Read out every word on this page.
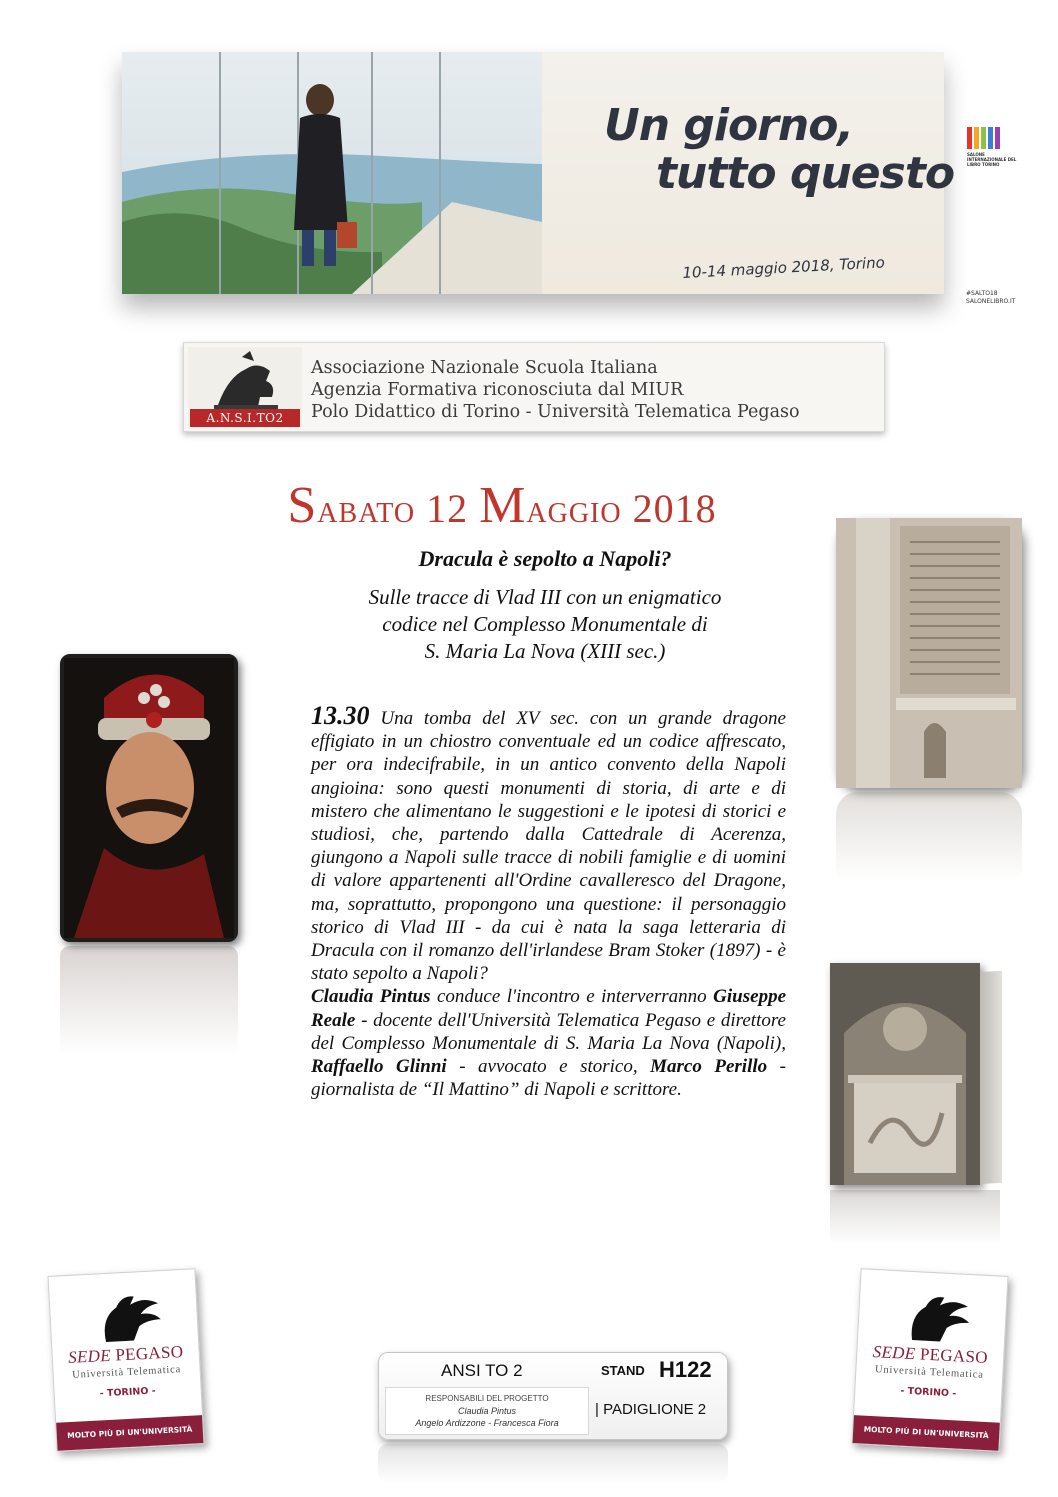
Un giorno,
tutto questo
10-14 maggio 2018, Torino
SALONE INTERNAZIONALE DEL LIBRO TORINO
#SALTO18
SALONELIBRO.IT
A.N.S.I.TO2
Associazione Nazionale Scuola Italiana
Agenzia Formativa riconosciuta dal MIUR
Polo Didattico di Torino - Università Telematica Pegaso
Sabato 12 Maggio 2018
Dracula è sepolto a Napoli?
Sulle tracce di Vlad III con un enigmatico
codice nel Complesso Monumentale di
S. Maria La Nova (XIII sec.)
13.30 Una tomba del XV sec. con un grande dragone effigiato in un chiostro conventuale ed un codice affrescato, per ora indecifrabile, in un antico convento della Napoli angioina: sono questi monumenti di storia, di arte e di mistero che alimentano le suggestioni e le ipotesi di storici e studiosi, che, partendo dalla Cattedrale di Acerenza, giungono a Napoli sulle tracce di nobili famiglie e di uomini di valore appartenenti all'Ordine cavalleresco del Dragone, ma, soprattutto, propongono una questione: il personaggio storico di Vlad III - da cui è nata la saga letteraria di Dracula con il romanzo dell'irlandese Bram Stoker (1897) - è stato sepolto a Napoli?
Claudia Pintus conduce l'incontro e interverranno Giuseppe Reale - docente dell'Università Telematica Pegaso e direttore del Complesso Monumentale di S. Maria La Nova (Napoli), Raffaello Glinni - avvocato e storico, Marco Perillo - giornalista de “Il Mattino” di Napoli e scrittore.
SEDE PEGASO
Università Telematica
- TORINO -
MOLTO PIÙ DI UN'UNIVERSITÀ
SEDE PEGASO
Università Telematica
- TORINO -
MOLTO PIÙ DI UN'UNIVERSITÀ
ANSI TO 2	STAND H122
RESPONSABILI DEL PROGETTO
Claudia Pintus
Angelo Ardizzone - Francesca Fiora
| PADIGLIONE 2
